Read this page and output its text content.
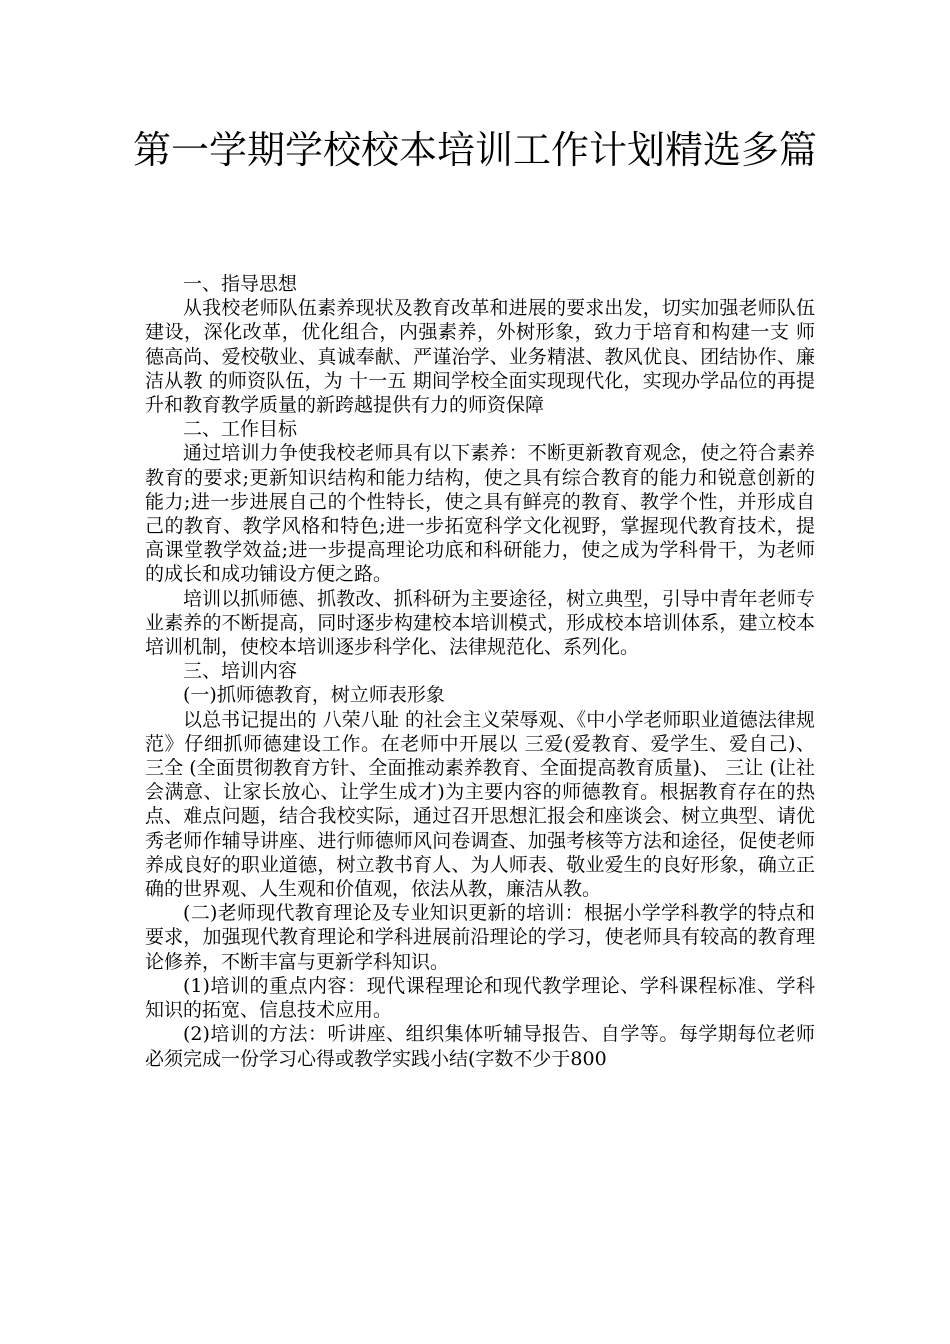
第一学期学校校本培训工作计划精选多篇

一、指导思想

从我校老师队伍素养现状及教育改革和进展的要求出发，切实加强老师队伍建设，深化改革，优化组合，内强素养，外树形象，致力于培育和构建一支 师德高尚、爱校敬业、真诚奉献、严谨治学、业务精湛、教风优良、团结协作、廉洁从教 的师资队伍，为 十一五 期间学校全面实现现代化，实现办学品位的再提升和教育教学质量的新跨越提供有力的师资保障

二、工作目标

通过培训力争使我校老师具有以下素养：不断更新教育观念，使之符合素养教育的要求;更新知识结构和能力结构，使之具有综合教育的能力和锐意创新的能力;进一步进展自己的个性特长，使之具有鲜亮的教育、教学个性，并形成自己的教育、教学风格和特色;进一步拓宽科学文化视野，掌握现代教育技术，提高课堂教学效益;进一步提高理论功底和科研能力，使之成为学科骨干，为老师的成长和成功铺设方便之路。

培训以抓师德、抓教改、抓科研为主要途径，树立典型，引导中青年老师专业素养的不断提高，同时逐步构建校本培训模式，形成校本培训体系，建立校本培训机制，使校本培训逐步科学化、法律规范化、系列化。

三、培训内容

(一)抓师德教育，树立师表形象

以总书记提出的 八荣八耻 的社会主义荣辱观、《中小学老师职业道德法律规范》仔细抓师德建设工作。在老师中开展以 三爱(爱教育、爱学生、爱自己)、 三全 (全面贯彻教育方针、全面推动素养教育、全面提高教育质量)、 三让 (让社会满意、让家长放心、让学生成才)为主要内容的师德教育。根据教育存在的热点、难点问题，结合我校实际，通过召开思想汇报会和座谈会、树立典型、请优秀老师作辅导讲座、进行师德师风问卷调查、加强考核等方法和途径，促使老师养成良好的职业道德，树立教书育人、为人师表、敬业爱生的良好形象，确立正确的世界观、人生观和价值观，依法从教，廉洁从教。

(二)老师现代教育理论及专业知识更新的培训：根据小学学科教学的特点和要求，加强现代教育理论和学科进展前沿理论的学习，使老师具有较高的教育理论修养，不断丰富与更新学科知识。

(1)培训的重点内容：现代课程理论和现代教学理论、学科课程标准、学科知识的拓宽、信息技术应用。

(2)培训的方法：听讲座、组织集体听辅导报告、自学等。每学期每位老师必须完成一份学习心得或教学实践小结(字数不少于800
